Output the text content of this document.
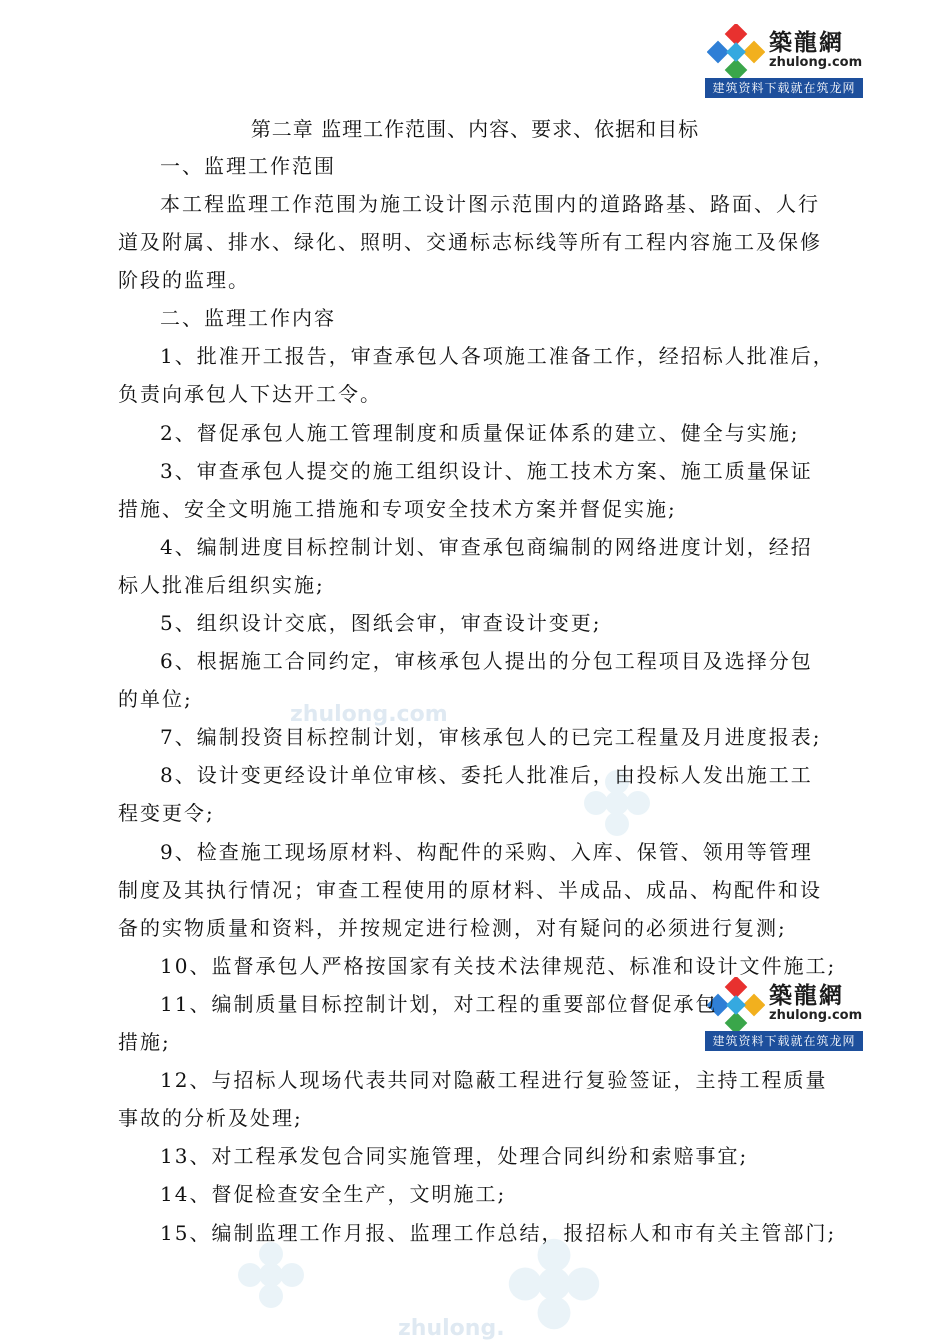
zhulong.com
zhulong.
築龍網
zhulong.com
建筑资料下载就在筑龙网
築龍網
zhulong.com
建筑资料下载就在筑龙网
第二章 监理工作范围、内容、要求、依据和目标
一、监理工作范围
本工程监理工作范围为施工设计图示范围内的道路路基、路面、人行
道及附属、排水、绿化、照明、交通标志标线等所有工程内容施工及保修
阶段的监理。
二、监理工作内容
1、批准开工报告，审查承包人各项施工准备工作，经招标人批准后，
负责向承包人下达开工令。
2、督促承包人施工管理制度和质量保证体系的建立、健全与实施;
3、审查承包人提交的施工组织设计、施工技术方案、施工质量保证
措施、安全文明施工措施和专项安全技术方案并督促实施;
4、编制进度目标控制计划、审查承包商编制的网络进度计划，经招
标人批准后组织实施;
5、组织设计交底，图纸会审，审查设计变更;
6、根据施工合同约定，审核承包人提出的分包工程项目及选择分包
的单位;
7、编制投资目标控制计划，审核承包人的已完工程量及月进度报表;
8、设计变更经设计单位审核、委托人批准后，由投标人发出施工工
程变更令;
9、检查施工现场原材料、构配件的采购、入库、保管、领用等管理
制度及其执行情况；审查工程使用的原材料、半成品、成品、构配件和设
备的实物质量和资料，并按规定进行检测，对有疑问的必须进行复测;
10、监督承包人严格按国家有关技术法律规范、标准和设计文件施工;
11、编制质量目标控制计划，对工程的重要部位督促承包
措施;
12、与招标人现场代表共同对隐蔽工程进行复验签证，主持工程质量
事故的分析及处理;
13、对工程承发包合同实施管理，处理合同纠纷和索赔事宜;
14、督促检查安全生产，文明施工;
15、编制监理工作月报、监理工作总结，报招标人和市有关主管部门;
